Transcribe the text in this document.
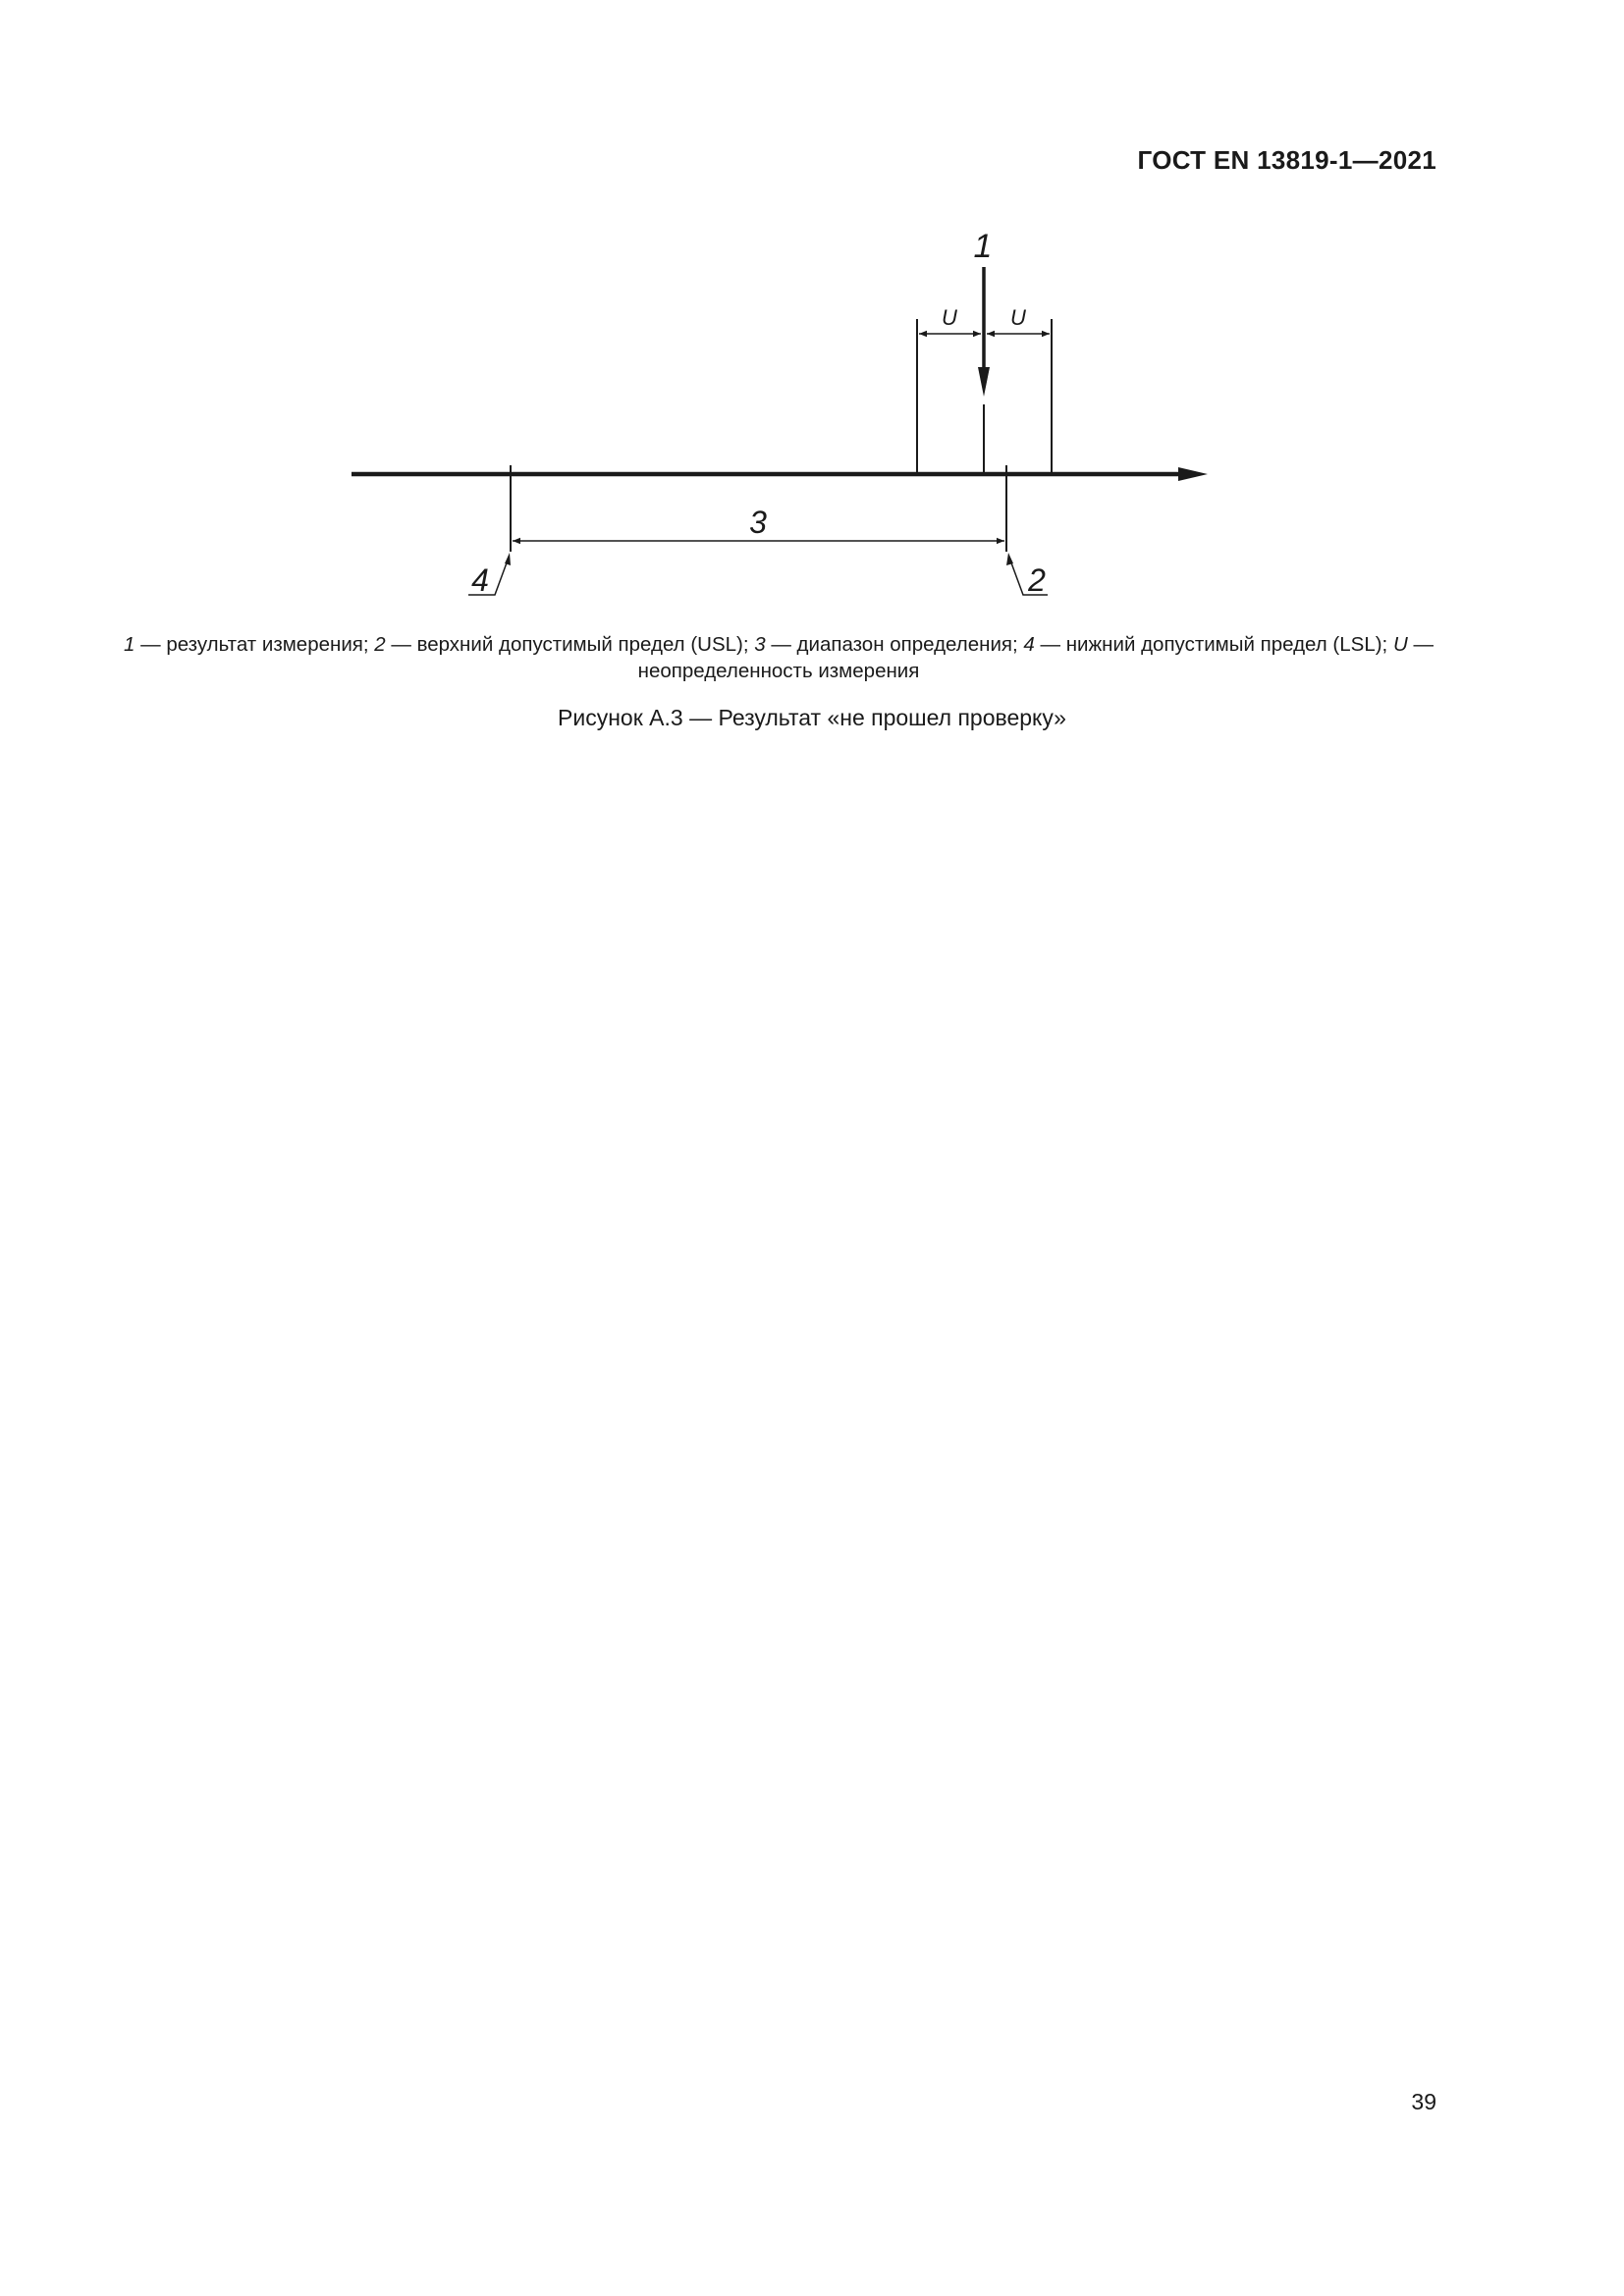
ГОСТ EN 13819-1—2021

1
U U
3
4	2

1 — результат измерения; 2 — верхний допустимый предел (USL); 3 — диапазон определения; 4 — нижний допустимый предел (LSL); U — неопределенность измерения

Рисунок А.3 — Результат «не прошел проверку»

39
